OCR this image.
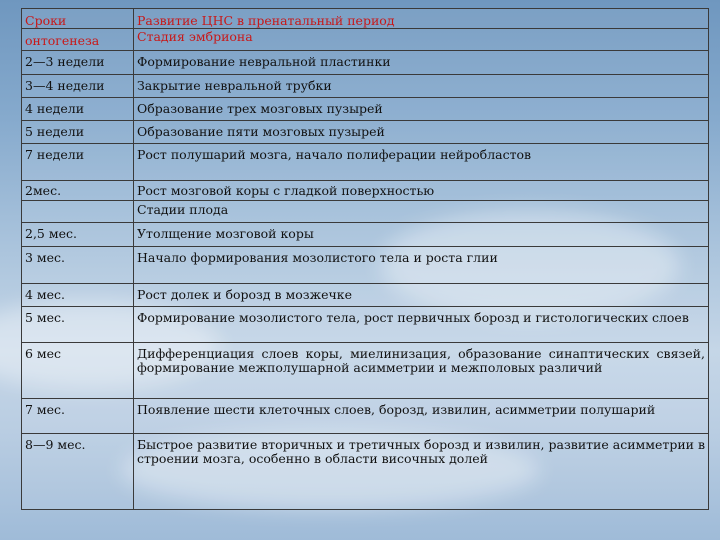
Сроки	Развитие ЦНС в пренатальный период
онтогенеза	Стадия эмбриона
2—3 недели	Формирование невральной пластинки
3—4 недели	Закрытие невральной трубки
4 недели	Образование трех мозговых пузырей
5 недели	Образование пяти мозговых пузырей
7 недели	Рост полушарий мозга, начало полиферации нейробластов
2мес.	Рост мозговой коры с гладкой поверхностью
	Стадии плода
2,5 мес.	Утолщение мозговой коры
3 мес.	Начало формирования мозолистого тела и роста глии
4 мес.	Рост долек и борозд в мозжечке
5 мес.	Формирование мозолистого тела, рост первичных борозд и гистологических слоев
6 мес	Дифференциация слоев коры, миелинизация, образование синаптических связей, формирование межполушарной асимметрии и межполовых различий
7 мес.	Появление шести клеточных слоев, борозд, извилин, асимметрии полушарий
8—9 мес.	Быстрое развитие вторичных и третичных борозд и извилин, развитие асимметрии в строении мозга, особенно в области височных долей
